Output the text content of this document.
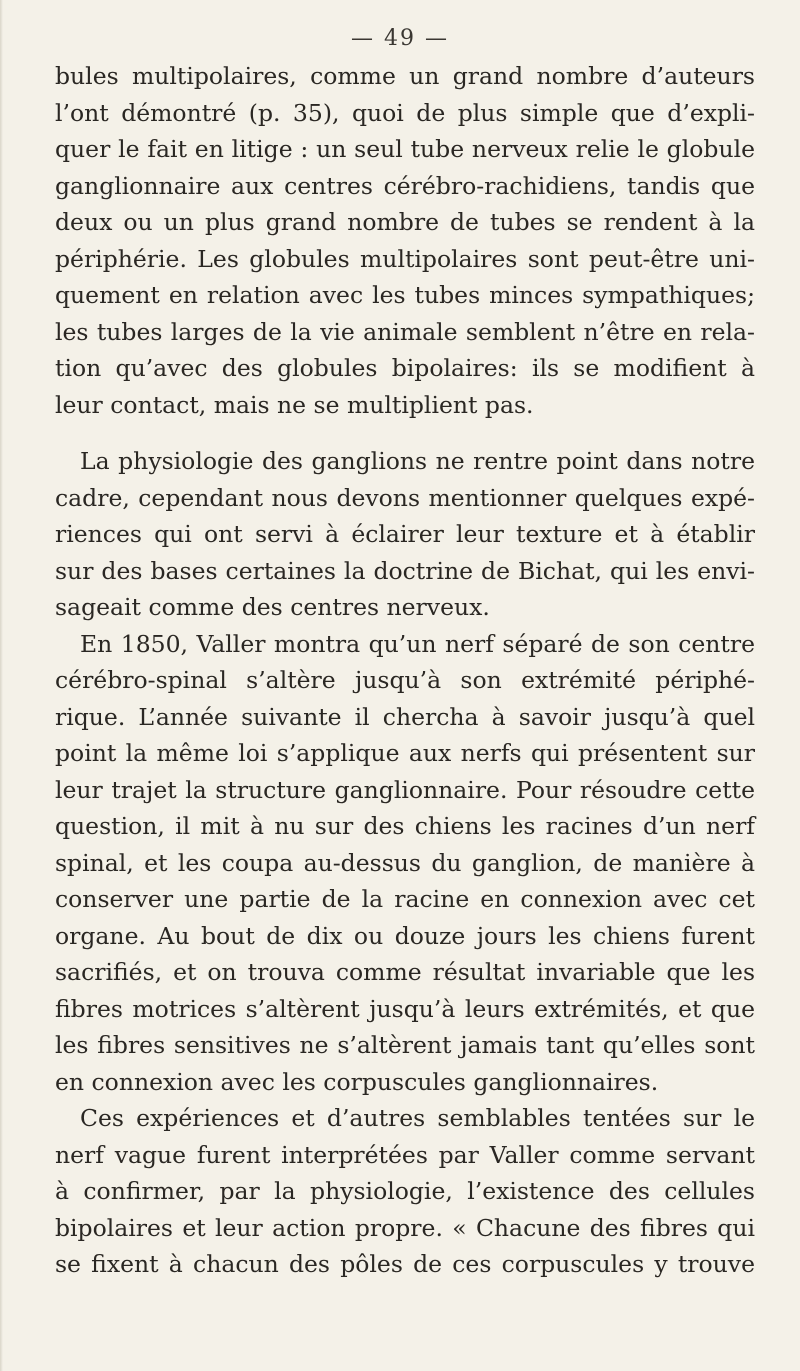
— 49 —
bules multipolaires, comme un grand nombre d’auteurs
l’ont démontré (p. 35), quoi de plus simple que d’expli-
quer le fait en litige : un seul tube nerveux relie le globule
ganglionnaire aux centres cérébro-rachidiens, tandis que
deux ou un plus grand nombre de tubes se rendent à la
périphérie. Les globules multipolaires sont peut-être uni-
quement en relation avec les tubes minces sympathiques;
les tubes larges de la vie animale semblent n’être en rela-
tion qu’avec des globules bipolaires: ils se modifient à
leur contact, mais ne se multiplient pas.
La physiologie des ganglions ne rentre point dans notre
cadre, cependant nous devons mentionner quelques expé-
riences qui ont servi à éclairer leur texture et à établir
sur des bases certaines la doctrine de Bichat, qui les envi-
sageait comme des centres nerveux.
En 1850, Valler montra qu’un nerf séparé de son centre
cérébro-spinal s’altère jusqu’à son extrémité périphé-
rique. L’année suivante il chercha à savoir jusqu’à quel
point la même loi s’applique aux nerfs qui présentent sur
leur trajet la structure ganglionnaire. Pour résoudre cette
question, il mit à nu sur des chiens les racines d’un nerf
spinal, et les coupa au-dessus du ganglion, de manière à
conserver une partie de la racine en connexion avec cet
organe. Au bout de dix ou douze jours les chiens furent
sacrifiés, et on trouva comme résultat invariable que les
fibres motrices s’altèrent jusqu’à leurs extrémités, et que
les fibres sensitives ne s’altèrent jamais tant qu’elles sont
en connexion avec les corpuscules ganglionnaires.
Ces expériences et d’autres semblables tentées sur le
nerf vague furent interprétées par Valler comme servant
à confirmer, par la physiologie, l’existence des cellules
bipolaires et leur action propre. « Chacune des fibres qui
se fixent à chacun des pôles de ces corpuscules y trouve
